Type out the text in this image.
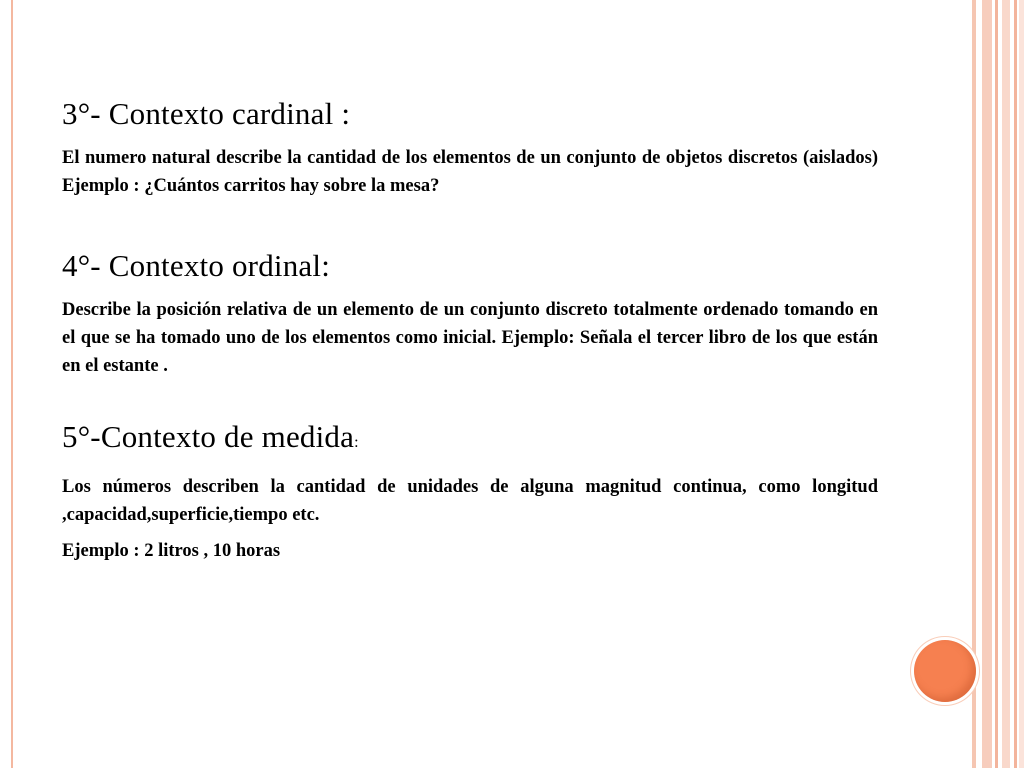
3°- Contexto cardinal :

El numero natural describe la cantidad de los elementos de un conjunto de objetos discretos (aislados) Ejemplo : ¿Cuántos carritos hay sobre la mesa?

4°- Contexto ordinal:

Describe la posición relativa de un elemento de un conjunto discreto totalmente ordenado tomando en el que se ha tomado uno de los elementos como inicial. Ejemplo: Señala el tercer libro de los que están en el estante .

5°-Contexto de medida:

Los números describen la cantidad de unidades de alguna magnitud continua, como longitud ,capacidad,superficie,tiempo etc.

Ejemplo : 2 litros , 10 horas
